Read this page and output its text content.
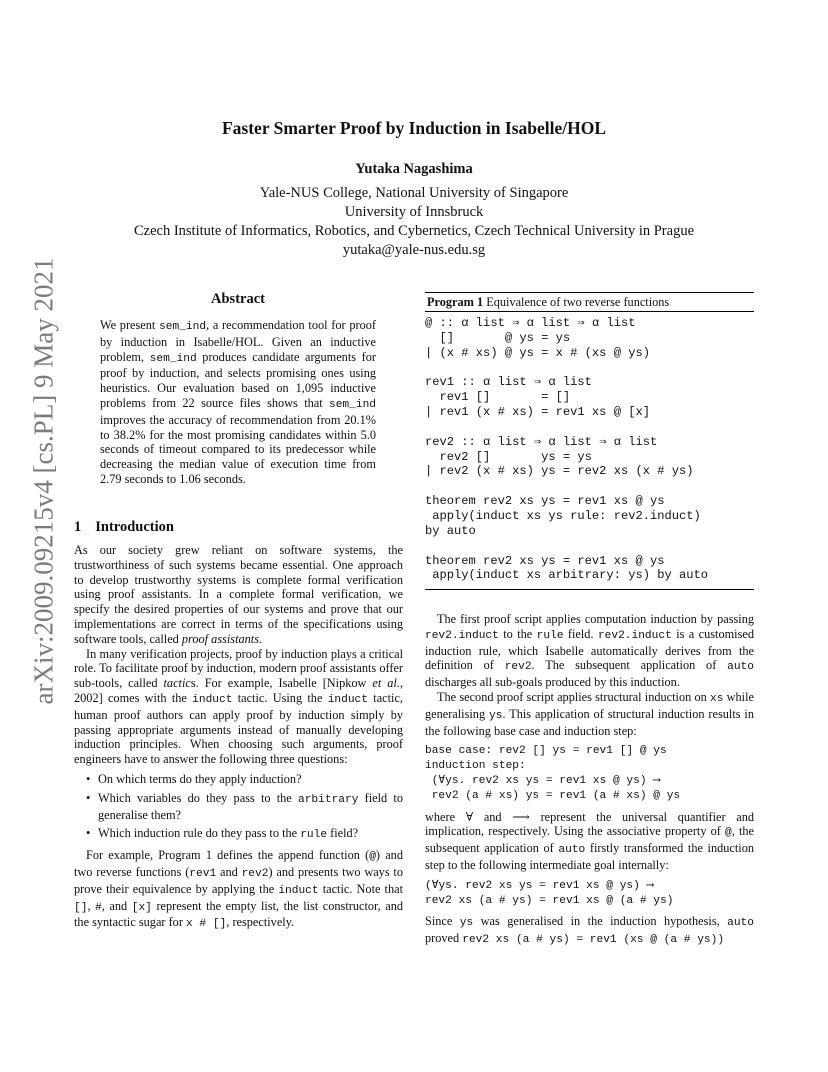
arXiv:2009.09215v4 [cs.PL] 9 May 2021
Faster Smarter Proof by Induction in Isabelle/HOL
Yutaka Nagashima
Yale-NUS College, National University of Singapore
University of Innsbruck
Czech Institute of Informatics, Robotics, and Cybernetics, Czech Technical University in Prague
yutaka@yale-nus.edu.sg
Abstract
We present sem_ind, a recommendation tool for proof by induction in Isabelle/HOL. Given an inductive problem, sem_ind produces candidate arguments for proof by induction, and selects promising ones using heuristics. Our evaluation based on 1,095 inductive problems from 22 source files shows that sem_ind improves the accuracy of recommendation from 20.1% to 38.2% for the most promising candidates within 5.0 seconds of timeout compared to its predecessor while decreasing the median value of execution time from 2.79 seconds to 1.06 seconds.
1 Introduction

As our society grew reliant on software systems, the trustworthiness of such systems became essential. One approach to develop trustworthy systems is complete formal verification using proof assistants. In a complete formal verification, we specify the desired properties of our systems and prove that our implementations are correct in terms of the specifications using software tools, called proof assistants.

In many verification projects, proof by induction plays a critical role. To facilitate proof by induction, modern proof assistants offer sub-tools, called tactics. For example, Isabelle [Nipkow et al., 2002] comes with the induct tactic. Using the induct tactic, human proof authors can apply proof by induction simply by passing appropriate arguments instead of manually developing induction principles. When choosing such arguments, proof engineers have to answer the following three questions:

• On which terms do they apply induction?
• Which variables do they pass to the arbitrary field to generalise them?
• Which induction rule do they pass to the rule field?

For example, Program 1 defines the append function (@) and two reverse functions (rev1 and rev2) and presents two ways to prove their equivalence by applying the induct tactic. Note that [], #, and [x] represent the empty list, the list constructor, and the syntactic sugar for x # [], respectively.

Program 1 Equivalence of two reverse functions
@ :: α list ⇒ α list ⇒ α list
[]       @ ys = ys
| (x # xs) @ ys = x # (xs @ ys)

rev1 :: α list ⇒ α list
rev1 []       = []
| rev1 (x # xs) = rev1 xs @ [x]

rev2 :: α list ⇒ α list ⇒ α list
rev2 []       ys = ys
| rev2 (x # xs) ys = rev2 xs (x # ys)

theorem rev2 xs ys = rev1 xs @ ys
apply(induct xs ys rule: rev2.induct)
by auto

theorem rev2 xs ys = rev1 xs @ ys
apply(induct xs arbitrary: ys) by auto

The first proof script applies computation induction by passing rev2.induct to the rule field. rev2.induct is a customised induction rule, which Isabelle automatically derives from the definition of rev2. The subsequent application of auto discharges all sub-goals produced by this induction.

The second proof script applies structural induction on xs while generalising ys. This application of structural induction results in the following base case and induction step:

base case: rev2 [] ys = rev1 [] @ ys
induction step:
(∀ys. rev2 xs ys = rev1 xs @ ys) ⟶
rev2 (a # xs) ys = rev1 (a # xs) @ ys

where ∀ and ⟶ represent the universal quantifier and implication, respectively. Using the associative property of @, the subsequent application of auto firstly transformed the induction step to the following intermediate goal internally:

(∀ys. rev2 xs ys = rev1 xs @ ys) ⟶
rev2 xs (a # ys) = rev1 xs @ (a # ys)

Since ys was generalised in the induction hypothesis, auto proved rev2 xs (a # ys) = rev1 (xs @ (a # ys))
